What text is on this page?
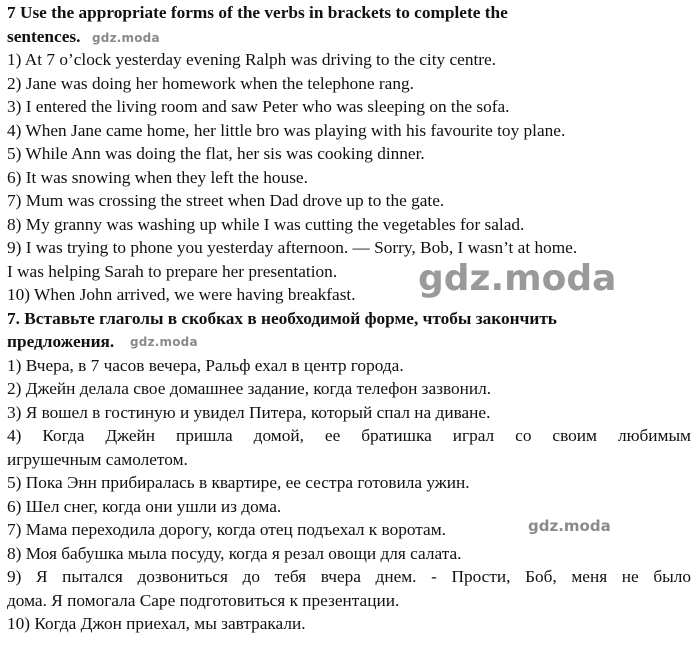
7 Use the appropriate forms of the verbs in brackets to complete the

sentences.

1) At 7 o’clock yesterday evening Ralph was driving to the city centre.

2) Jane was doing her homework when the telephone rang.

3) I entered the living room and saw Peter who was sleeping on the sofa.

4) When Jane came home, her little bro was playing with his favourite toy plane.

5) While Ann was doing the flat, her sis was cooking dinner.

6) It was snowing when they left the house.

7) Mum was crossing the street when Dad drove up to the gate.

8) My granny was washing up while I was cutting the vegetables for salad.

9) I was trying to phone you yesterday afternoon. — Sorry, Bob, I wasn’t at home.

I was helping Sarah to prepare her presentation.

10) When John arrived, we were having breakfast.

7. Вставьте глаголы в скобках в необходимой форме, чтобы закончить

предложения.

1) Вчера, в 7 часов вечера, Ральф ехал в центр города.

2) Джейн делала свое домашнее задание, когда телефон зазвонил.

3) Я вошел в гостиную и увидел Питера, который спал на диване.

4) Когда Джейн пришла домой, ее братишка играл со своим любимым

игрушечным самолетом.

5) Пока Энн прибиралась в квартире, ее сестра готовила ужин.

6) Шел снег, когда они ушли из дома.

7) Мама переходила дорогу, когда отец подъехал к воротам.

8) Моя бабушка мыла посуду, когда я резал овощи для салата.

9) Я пытался дозвониться до тебя вчера днем. - Прости, Боб, меня не было

дома. Я помогала Саре подготовиться к презентации.

10) Когда Джон приехал, мы завтракали.

gdz.moda
gdz.moda
gdz.moda
gdz.moda
